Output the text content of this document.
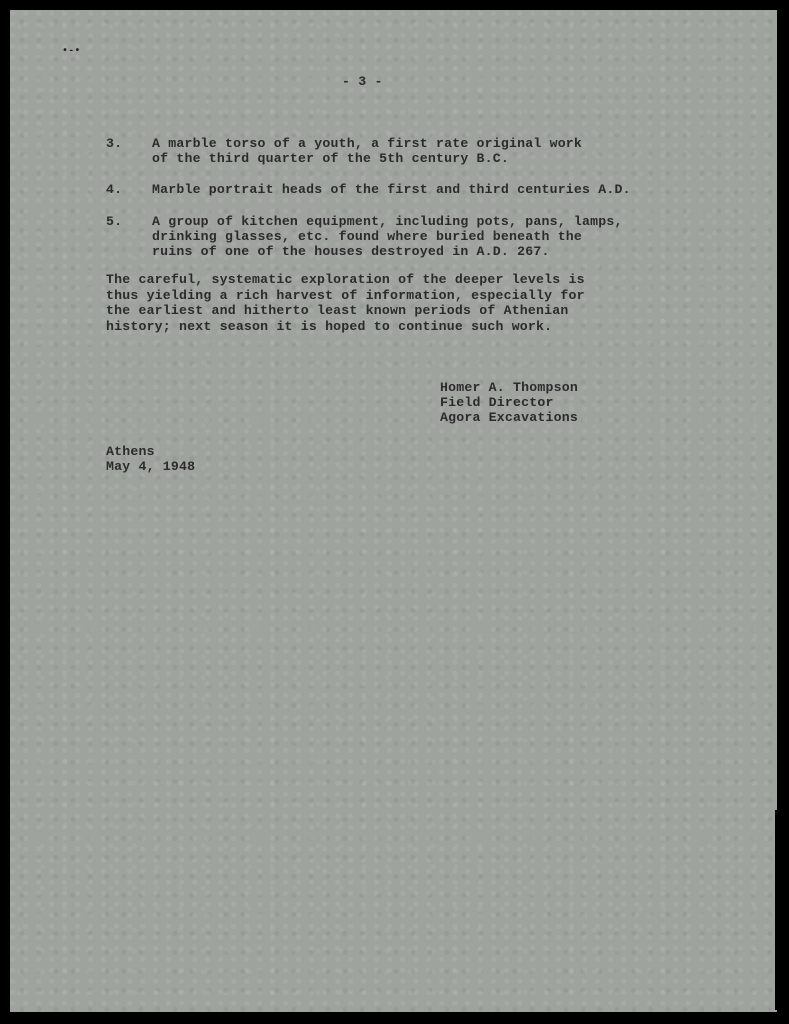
•-•
- 3 -
3.	A marble torso of a youth, a first rate original work
of the third quarter of the 5th century B.C.
4.	Marble portrait heads of the first and third centuries A.D.
5.	A group of kitchen equipment, including pots, pans, lamps,
drinking glasses, etc. found where buried beneath the
ruins of one of the houses destroyed in A.D. 267.
The careful, systematic exploration of the deeper levels is
thus yielding a rich harvest of information, especially for
the earliest and hitherto least known periods of Athenian
history; next season it is hoped to continue such work.
Homer A. Thompson
Field Director
Agora Excavations
Athens
May 4, 1948
